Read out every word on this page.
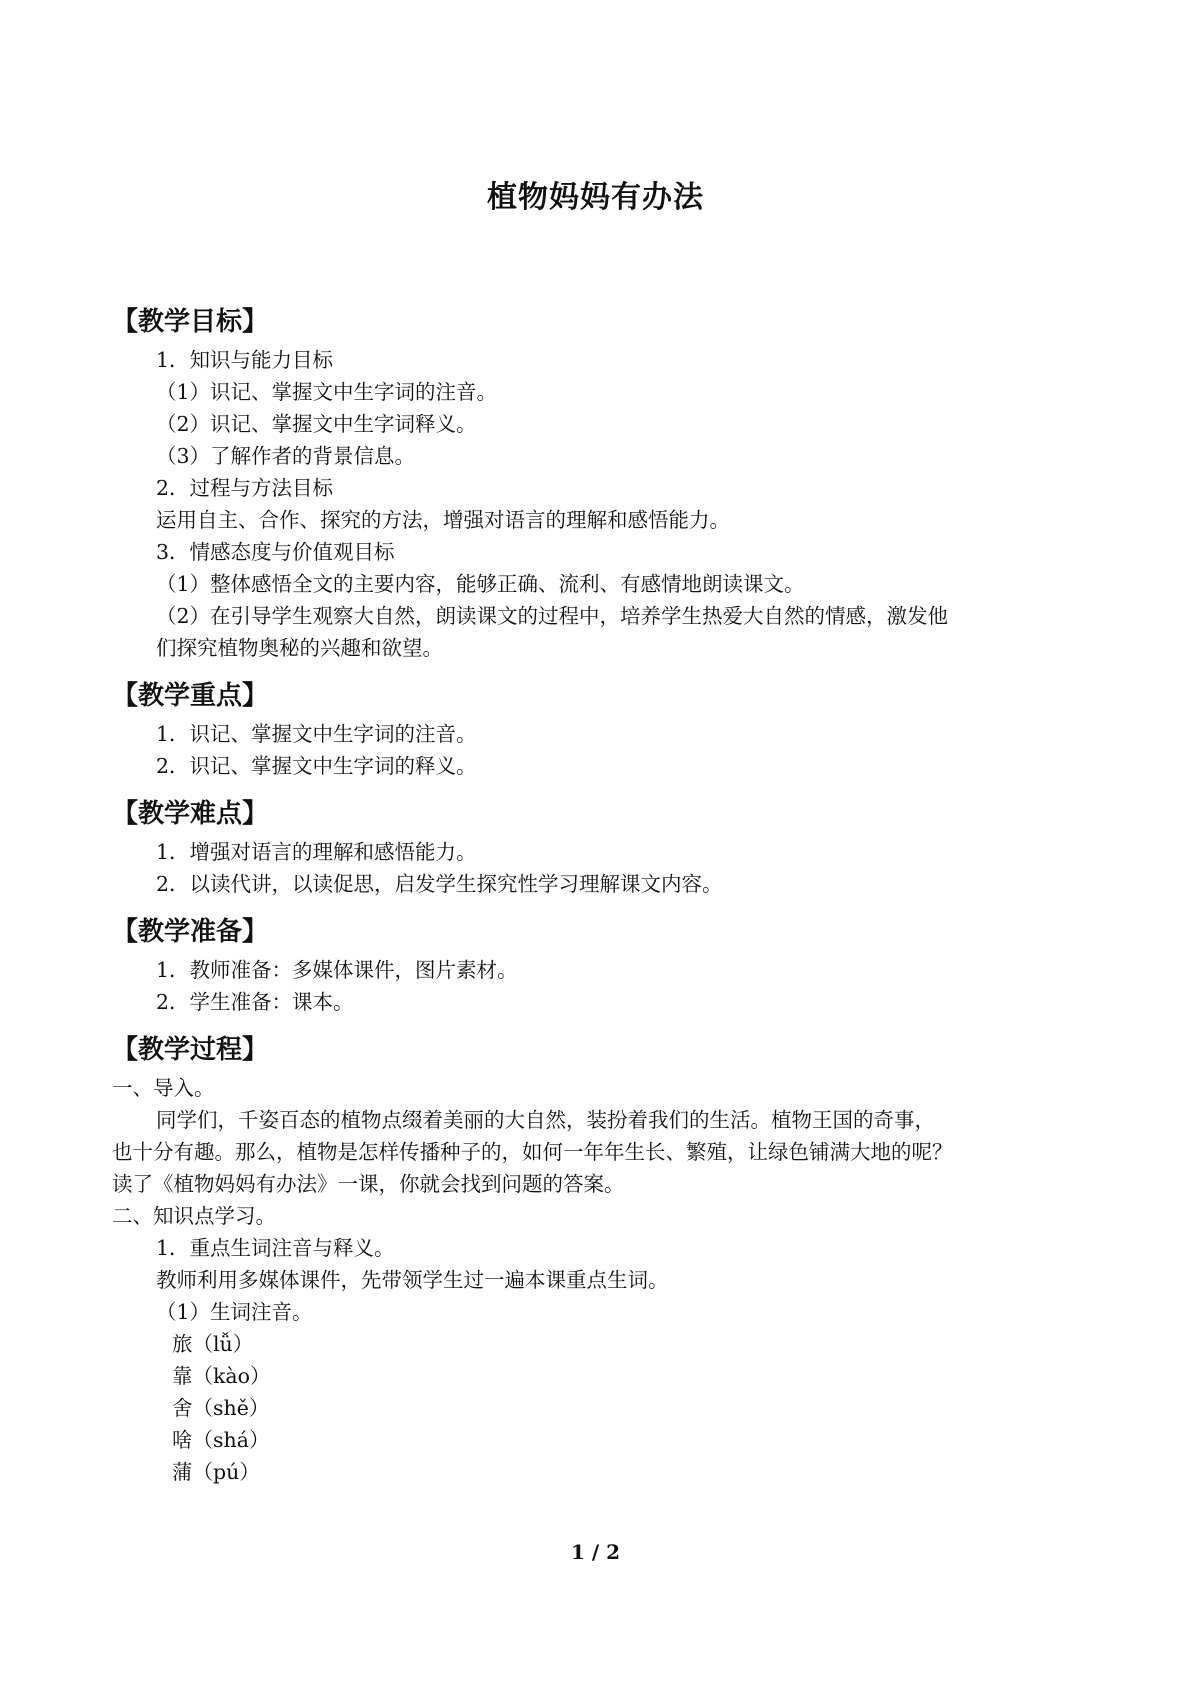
植物妈妈有办法
【教学目标】
1．知识与能力目标
（1）识记、掌握文中生字词的注音。
（2）识记、掌握文中生字词释义。
（3）了解作者的背景信息。
2．过程与方法目标
运用自主、合作、探究的方法，增强对语言的理解和感悟能力。
3．情感态度与价值观目标
（1）整体感悟全文的主要内容，能够正确、流利、有感情地朗读课文。
（2）在引导学生观察大自然，朗读课文的过程中，培养学生热爱大自然的情感，激发他
们探究植物奥秘的兴趣和欲望。
【教学重点】
1．识记、掌握文中生字词的注音。
2．识记、掌握文中生字词的释义。
【教学难点】
1．增强对语言的理解和感悟能力。
2．以读代讲，以读促思，启发学生探究性学习理解课文内容。
【教学准备】
1．教师准备：多媒体课件，图片素材。
2．学生准备：课本。
【教学过程】
一、导入。
同学们，千姿百态的植物点缀着美丽的大自然，装扮着我们的生活。植物王国的奇事，
也十分有趣。那么，植物是怎样传播种子的，如何一年年生长、繁殖，让绿色铺满大地的呢？
读了《植物妈妈有办法》一课，你就会找到问题的答案。
二、知识点学习。
1．重点生词注音与释义。
教师利用多媒体课件，先带领学生过一遍本课重点生词。
（1）生词注音。
旅（lǚ）
靠（kào）
舍（shě）
啥（shá）
蒲（pú）
1 / 2
